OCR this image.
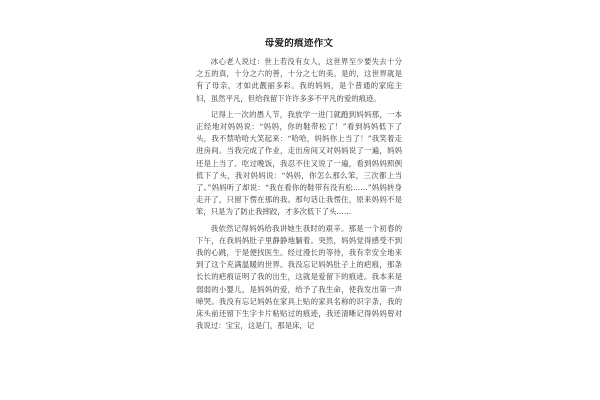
母爱的痕迹作文

冰心老人说过：世上若没有女人，这世界至少要失去十分之五的真，十分之六的善，十分之七的美。是的，这世界就是有了母亲，才如此靓丽多彩。我的妈妈，是个普通的家庭主妇，虽然平凡，但给我留下许许多多不平凡的爱的痕迹。

记得上一次的愚人节，我放学一进门就跑到妈妈那，一本正经地对妈妈说：“妈妈，你的鞋带松了！”看到妈妈低下了头，我不禁哈哈大笑起来：“哈哈，妈妈你上当了！”我笑着走进房间。当我完成了作业，走出房间又对妈妈说了一遍，妈妈还是上当了。吃过晚饭，我忍不住又说了一遍，看到妈妈照例低下了头，我对妈妈说：“妈妈，你怎么那么笨，三次都上当了。”妈妈听了却说：“我在看你的鞋带有没有松……”妈妈转身走开了，只留下愣在那的我。那句话让我愣住，原来妈妈不是笨，只是为了防止我摔跤，才多次低下了头……

我依然记得妈妈给我讲她生我时的艰辛。那是一个初春的下午，在我妈妈肚子里静静地躺着。突然，妈妈觉得感受不到我的心跳，于是便找医生。经过漫长的等待，我有幸安全地来到了这个充满温暖的世界。我没忘记妈妈肚子上的疤痕，那条长长的疤痕证明了我的出生，这就是爱留下的痕迹。我本来是弱弱的小婴儿，是妈妈的爱，给予了我生命，使我发出第一声啼哭。我没有忘记妈妈在家具上贴的家具名称的识字条，我的床头前还留下生字卡片粘贴过的痕迹，我还清晰记得妈妈曾对我说过：宝宝，这是门，那是床，记
